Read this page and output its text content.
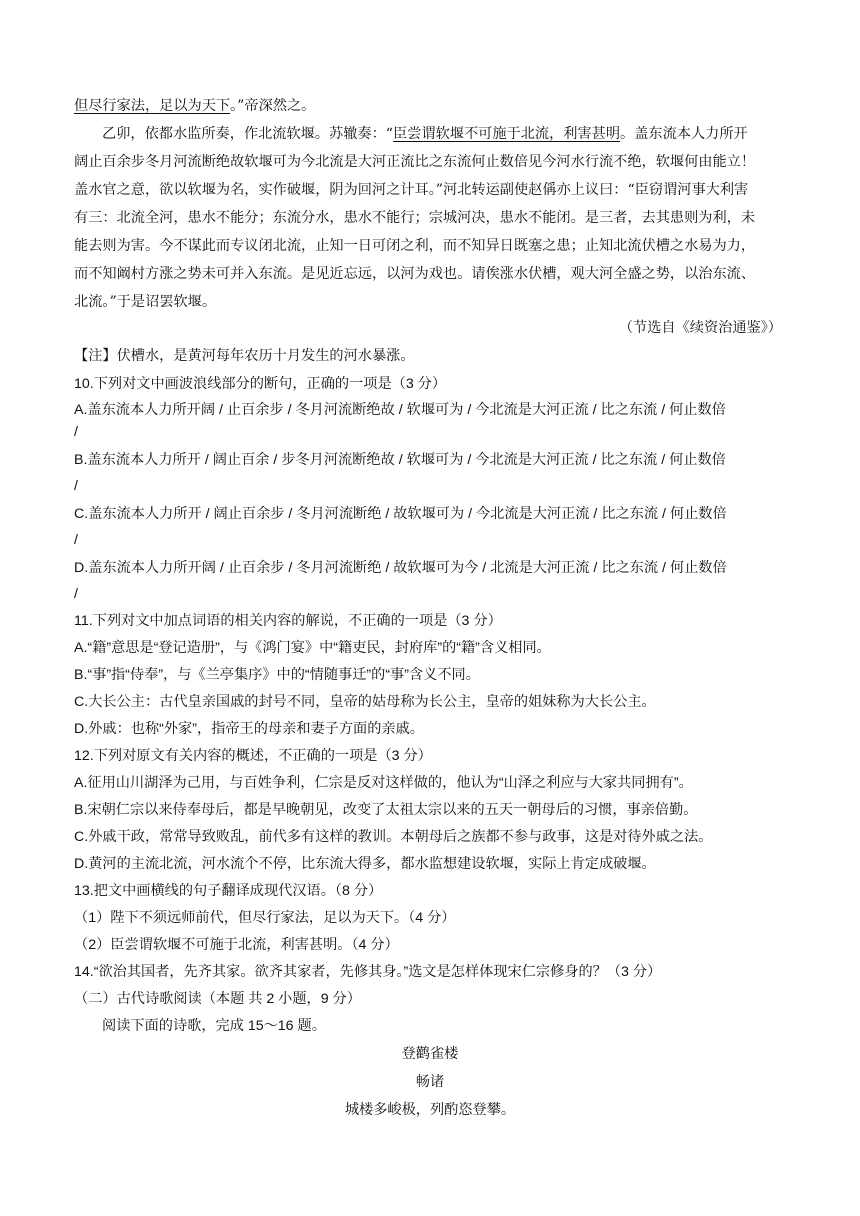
但尽行家法，足以为天下。”帝深然之。
乙卯，依都水监所奏，作北流软堰。苏辙奏：“臣尝谓软堰不可施于北流，利害甚明。盖东流本人力所开
阔止百余步冬月河流断绝故软堰可为今北流是大河正流比之东流何止数倍见今河水行流不绝，软堰何由能立！
盖水官之意，欲以软堰为名，实作破堰，阴为回河之计耳。”河北转运副使赵偁亦上议曰：“臣窃谓河事大利害
有三：北流全河，患水不能分；东流分水，患水不能行；宗城河决，患水不能闭。是三者，去其患则为利，未
能去则为害。今不谋此而专议闭北流，止知一日可闭之利，而不知异日既塞之患；止知北流伏槽之水易为力，
而不知阚村方涨之势未可并入东流。是见近忘远，以河为戏也。请俟涨水伏槽，观大河全盛之势，以治东流、
北流。”于是诏罢软堰。
（节选自《续资治通鉴》）
【注】伏槽水，是黄河每年农历十月发生的河水暴涨。
10.下列对文中画波浪线部分的断句，正确的一项是（3 分）
A.盖东流本人力所开阔 / 止百余步 / 冬月河流断绝故 / 软堰可为 / 今北流是大河正流 / 比之东流 / 何止数倍
/
B.盖东流本人力所开 / 阔止百余 / 步冬月河流断绝故 / 软堰可为 / 今北流是大河正流 / 比之东流 / 何止数倍
/
C.盖东流本人力所开 / 阔止百余步 / 冬月河流断绝 / 故软堰可为 / 今北流是大河正流 / 比之东流 / 何止数倍
/
D.盖东流本人力所开阔 / 止百余步 / 冬月河流断绝 / 故软堰可为今 / 北流是大河正流 / 比之东流 / 何止数倍
/
11.下列对文中加点词语的相关内容的解说，不正确的一项是（3 分）
A.“籍”意思是“登记造册”，与《鸿门宴》中“籍吏民，封府库”的“籍”含义相同。
B.“事”指“侍奉”，与《兰亭集序》中的“情随事迁”的“事”含义不同。
C.大长公主：古代皇亲国戚的封号不同，皇帝的姑母称为长公主，皇帝的姐妹称为大长公主。
D.外戚：也称“外家”，指帝王的母亲和妻子方面的亲戚。
12.下列对原文有关内容的概述，不正确的一项是（3 分）
A.征用山川湖泽为己用，与百姓争利，仁宗是反对这样做的，他认为“山泽之利应与大家共同拥有”。
B.宋朝仁宗以来侍奉母后，都是早晚朝见，改变了太祖太宗以来的五天一朝母后的习惯，事亲倍勤。
C.外戚干政，常常导致败乱，前代多有这样的教训。本朝母后之族都不参与政事，这是对待外戚之法。
D.黄河的主流北流，河水流个不停，比东流大得多，都水监想建设软堰，实际上肯定成破堰。
13.把文中画横线的句子翻译成现代汉语。（8 分）
（1）陛下不须远师前代，但尽行家法，足以为天下。（4 分）
（2）臣尝谓软堰不可施于北流，利害甚明。（4 分）
14.“欲治其国者，先齐其家。欲齐其家者，先修其身。”选文是怎样体现宋仁宗修身的？（3 分）
（二）古代诗歌阅读（本题 共 2 小题，9 分）
阅读下面的诗歌，完成 15～16 题。
登鹳雀楼
畅诸
城楼多峻极，列酌恣登攀。
